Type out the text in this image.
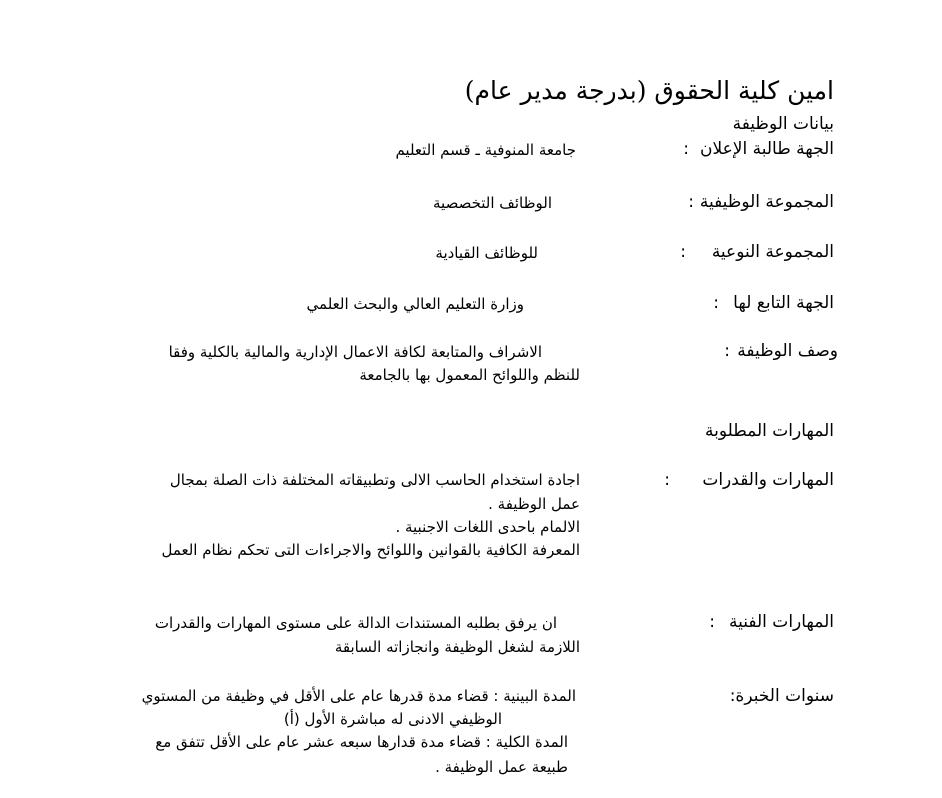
امين كلية الحقوق (بدرجة مدير عام)
بيانات الوظيفة
الجهة طالبة الإعلان
:
جامعة المنوفية ـ قسم التعليم
المجموعة الوظيفية
:
الوظائف التخصصية
المجموعة النوعية
:
للوظائف القيادية
الجهة التابع لها
:
وزارة التعليم العالي والبحث العلمي
وصف الوظيفة
:
الاشراف والمتابعة لكافة الاعمال الإدارية والمالية بالكلية وفقا
للنظم واللوائح المعمول بها بالجامعة
المهارات المطلوبة
المهارات والقدرات
:
اجادة استخدام الحاسب الالى وتطبيقاته المختلفة ذات الصلة بمجال
عمل الوظيفة .
الالمام باحدى اللغات الاجنبية .
المعرفة الكافية بالقوانين واللوائح والاجراءات التى تحكم نظام العمل
المهارات الفنية
:
ان يرفق بطلبه المستندات الدالة على مستوى المهارات والقدرات
اللازمة لشغل الوظيفة وانجازاته السابقة
سنوات الخبرة:
المدة البينية : قضاء مدة قدرها عام على الأقل في وظيفة من المستوي
الوظيفي الادنى له مباشرة الأول (أ)
المدة الكلية : قضاء مدة قدارها سبعه عشر عام على الأقل تتفق مع
طبيعة عمل الوظيفة .
